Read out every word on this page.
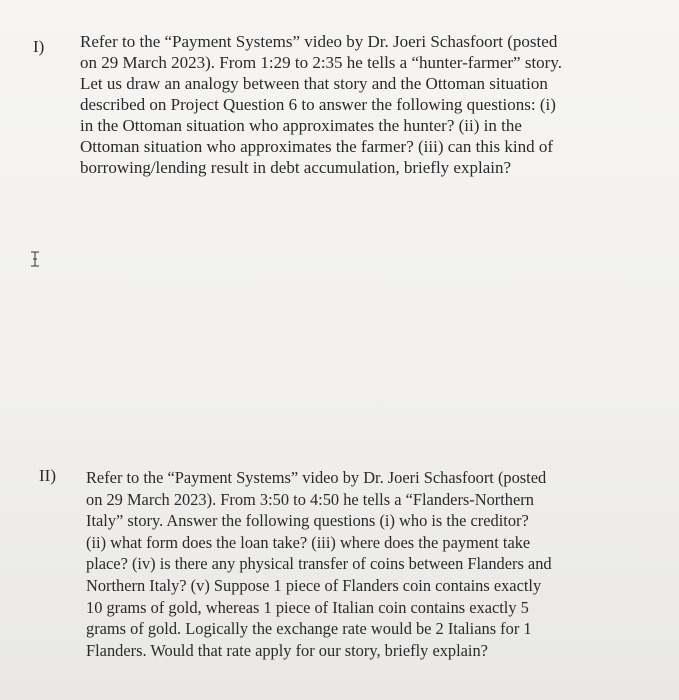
I) Refer to the “Payment Systems” video by Dr. Joeri Schasfoort (posted
on 29 March 2023). From 1:29 to 2:35 he tells a “hunter-farmer” story.
Let us draw an analogy between that story and the Ottoman situation
described on Project Question 6 to answer the following questions: (i)
in the Ottoman situation who approximates the hunter? (ii) in the
Ottoman situation who approximates the farmer? (iii) can this kind of
borrowing/lending result in debt accumulation, briefly explain?
II) Refer to the “Payment Systems” video by Dr. Joeri Schasfoort (posted
on 29 March 2023). From 3:50 to 4:50 he tells a “Flanders-Northern
Italy” story. Answer the following questions (i) who is the creditor?
(ii) what form does the loan take? (iii) where does the payment take
place? (iv) is there any physical transfer of coins between Flanders and
Northern Italy? (v) Suppose 1 piece of Flanders coin contains exactly
10 grams of gold, whereas 1 piece of Italian coin contains exactly 5
grams of gold. Logically the exchange rate would be 2 Italians for 1
Flanders. Would that rate apply for our story, briefly explain?
